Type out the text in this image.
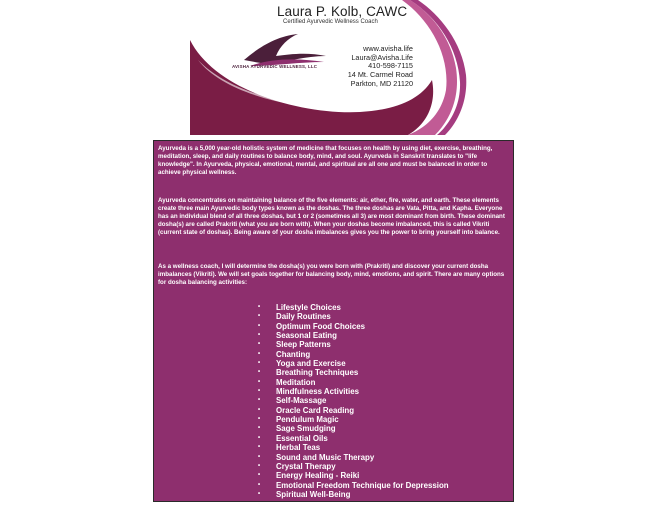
Laura P. Kolb, CAWC
Certified Ayurvedic Wellness Coach
AVISHA AYURVEDIC WELLNESS, LLC
www.avisha.life
Laura@Avisha.Life
410-598-7115
14 Mt. Carmel Road
Parkton, MD 21120

Ayurveda is a 5,000 year-old holistic system of medicine that focuses on health by using diet, exercise, breathing, meditation, sleep, and daily routines to balance body, mind, and soul. Ayurveda in Sanskrit translates to "life knowledge". In Ayurveda, physical, emotional, mental, and spiritual are all one and must be balanced in order to achieve physical wellness.

Ayurveda concentrates on maintaining balance of the five elements: air, ether, fire, water, and earth. These elements create three main Ayurvedic body types known as the doshas. The three doshas are Vata, Pitta, and Kapha. Everyone has an individual blend of all three doshas, but 1 or 2 (sometimes all 3) are most dominant from birth. These dominant dosha(s) are called Prakriti (what you are born with). When your doshas become imbalanced, this is called Vikriti (current state of doshas). Being aware of your dosha imbalances gives you the power to bring yourself into balance.

As a wellness coach, I will determine the dosha(s) you were born with (Prakriti) and discover your current dosha imbalances (Vikriti). We will set goals together for balancing body, mind, emotions, and spirit. There are many options for dosha balancing activities:

• Lifestyle Choices
• Daily Routines
• Optimum Food Choices
• Seasonal Eating
• Sleep Patterns
• Chanting
• Yoga and Exercise
• Breathing Techniques
• Meditation
• Mindfulness Activities
• Self-Massage
• Oracle Card Reading
• Pendulum Magic
• Sage Smudging
• Essential Oils
• Herbal Teas
• Sound and Music Therapy
• Crystal Therapy
• Energy Healing - Reiki
• Emotional Freedom Technique for Depression
• Spiritual Well-Being
